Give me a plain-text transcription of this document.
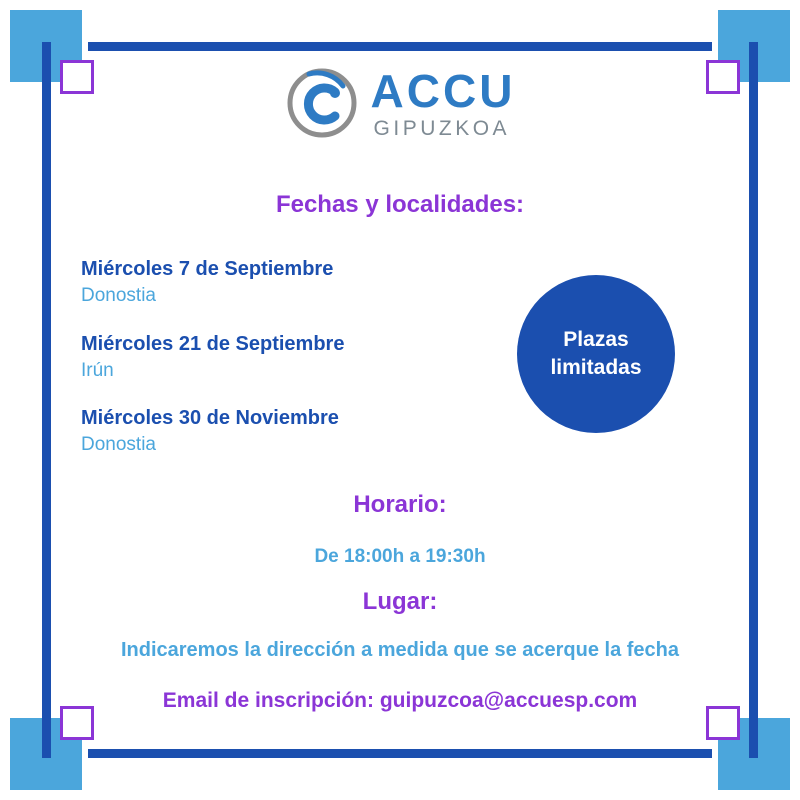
ACCU
GIPUZKOA
Fechas y localidades:
Miércoles 7 de Septiembre
Donostia
Miércoles 21 de Septiembre
Irún
Miércoles 30 de Noviembre
Donostia
Plazas
limitadas
Horario:
De 18:00h a 19:30h
Lugar:
Indicaremos la dirección a medida que se acerque la fecha
Email de inscripción: guipuzcoa@accuesp.com
